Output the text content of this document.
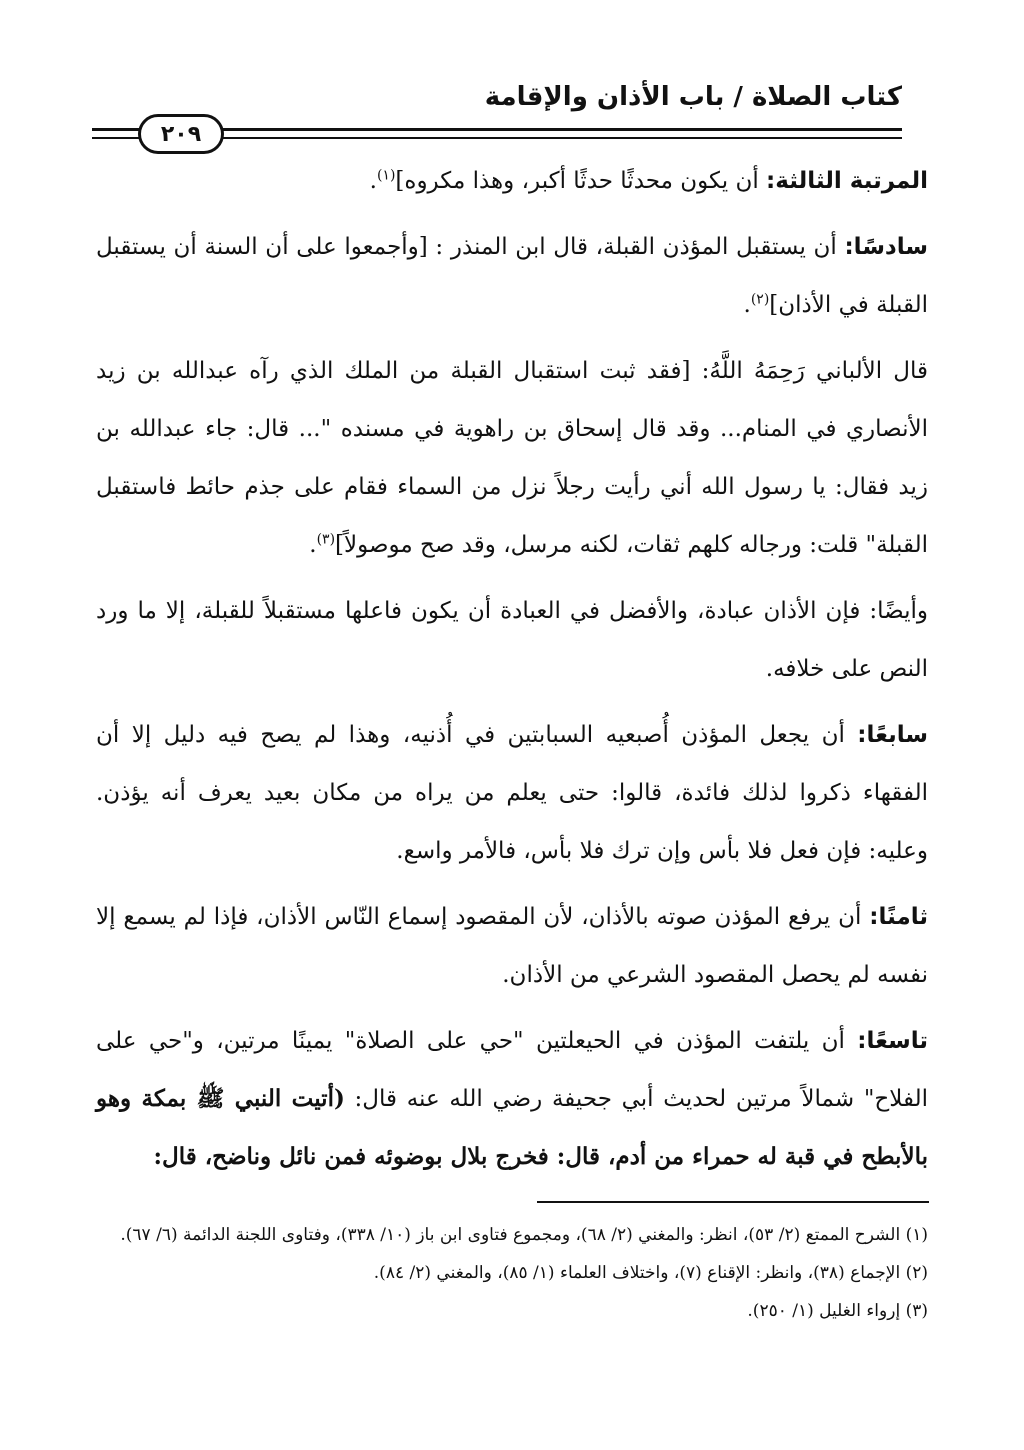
كتاب الصلاة / باب الأذان والإقامة
٢٠٩

المرتبة الثالثة: أن يكون محدثًا حدثًا أكبر، وهذا مكروه]$^{(١)}$.

سادسًا: أن يستقبل المؤذن القبلة، قال ابن المنذر : [وأجمعوا على أن السنة أن يستقبل القبلة في الأذان]$^{(٢)}$.

قال الألباني رَحِمَهُ اللَّهُ: [فقد ثبت استقبال القبلة من الملك الذي رآه عبدالله بن زيد الأنصاري في المنام... وقد قال إسحاق بن راهوية في مسنده "... قال: جاء عبدالله بن زيد فقال: يا رسول الله أني رأيت رجلاً نزل من السماء فقام على جذم حائط فاستقبل القبلة" قلت: ورجاله كلهم ثقات، لكنه مرسل، وقد صح موصولاً]$^{(٣)}$.

وأيضًا: فإن الأذان عبادة، والأفضل في العبادة أن يكون فاعلها مستقبلاً للقبلة، إلا ما ورد النص على خلافه.

سابعًا: أن يجعل المؤذن أُصبعيه السبابتين في أُذنيه، وهذا لم يصح فيه دليل إلا أن الفقهاء ذكروا لذلك فائدة، قالوا: حتى يعلم من يراه من مكان بعيد يعرف أنه يؤذن. وعليه: فإن فعل فلا بأس وإن ترك فلا بأس، فالأمر واسع.

ثامنًا: أن يرفع المؤذن صوته بالأذان، لأن المقصود إسماع النّاس الأذان، فإذا لم يسمع إلا نفسه لم يحصل المقصود الشرعي من الأذان.

تاسعًا: أن يلتفت المؤذن في الحيعلتين "حي على الصلاة" يمينًا مرتين، و"حي على الفلاح" شمالاً مرتين لحديث أبي جحيفة رضي الله عنه قال: (أتيت النبي ﷺ بمكة وهو بالأبطح في قبة له حمراء من أدم، قال: فخرج بلال بوضوئه فمن نائل وناضح، قال:

(١) الشرح الممتع (٢/ ٥٣)، انظر: والمغني (٢/ ٦٨)، ومجموع فتاوى ابن باز (١٠/ ٣٣٨)، وفتاوى اللجنة الدائمة (٦/ ٦٧).
(٢) الإجماع (٣٨)، وانظر: الإقناع (٧)، واختلاف العلماء (١/ ٨٥)، والمغني (٢/ ٨٤).
(٣) إرواء الغليل (١/ ٢٥٠).
